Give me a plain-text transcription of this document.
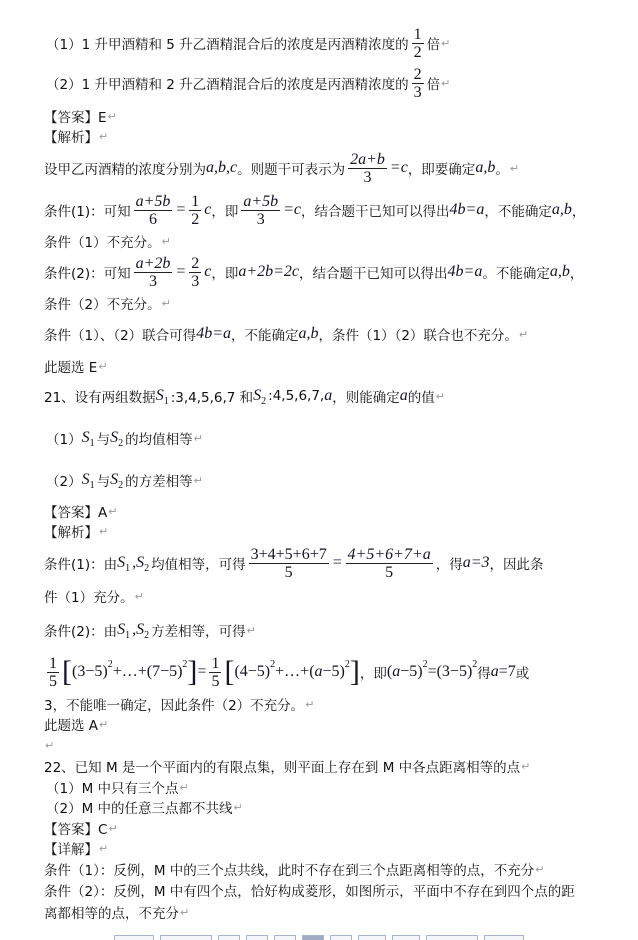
（1）1 升甲酒精和 5 升乙酒精混合后的浓度是丙酒精浓度的 $\frac{1}{2}$ 倍 ↵
（2）1 升甲酒精和 2 升乙酒精混合后的浓度是丙酒精浓度的 $\frac{2}{3}$ 倍 ↵
【答案】E ↵
【解析】 ↵
设甲乙丙酒精的浓度分别为 a,b,c 。则题干可表示为 $\frac{2a+b}{3} =c$ ，即要确定 a,b 。 ↵
条件(1)：可知 $\frac{a+5b}{6} = \frac{1}{2}$ c ，即 $\frac{a+5b}{3} =c$ ，结合题干已知可以得出 4b=a ，不能确定 a,b ，
条件（1）不充分。 ↵
条件(2)：可知 $\frac{a+2b}{3} = \frac{2}{3}$ c ，即 a+2b=2c ，结合题干已知可以得出 4b=a 。不能确定 a,b ，
条件（2）不充分。 ↵
条件（1）、（2）联合可得 4b=a ，不能确定 a,b ，条件（1）（2）联合也不充分。 ↵
此题选 E ↵
21、设有两组数据 S 1 :3,4,5,6,7 和 S 2 :4,5,6,7, a ，则能确定 a 的值 ↵
（1） S 1 与 S 2 的均值相等 ↵
（2） S 1 与 S 2 的方差相等 ↵
【答案】A ↵
【解析】 ↵
条件(1)：由 S 1 ,S 2 均值相等，可得 $\frac{3+4+5+6+7}{5} = \frac{4+5+6+7+a}{5}$ ，得 a=3 ，因此条
件（1）充分。 ↵
条件(2)：由 S 1 ,S 2 方差相等，可得 ↵
$\frac{1}{5}$ [ (3−5) 2 +…+(7−5) 2 ] = $\frac{1}{5}$ [ (4−5) 2 +…+( a −5) 2 ] ，即 ( a −5) 2 =(3−5) 2
得 a =7 或
3，不能唯一确定，因此条件（2）不充分。 ↵
此题选 A ↵
↵
22、已知 M 是一个平面内的有限点集，则平面上存在到 M 中各点距离相等的点 ↵
（1）M 中只有三个点 ↵
（2）M 中的任意三点都不共线 ↵
【答案】C ↵
【详解】 ↵
条件（1）：反例，M 中的三个点共线，此时不存在到三个点距离相等的点，不充分 ↵
条件（2）：反例，M 中有四个点，恰好构成菱形，如图所示，平面中不存在到四个点的距
离都相等的点，不充分 ↵
